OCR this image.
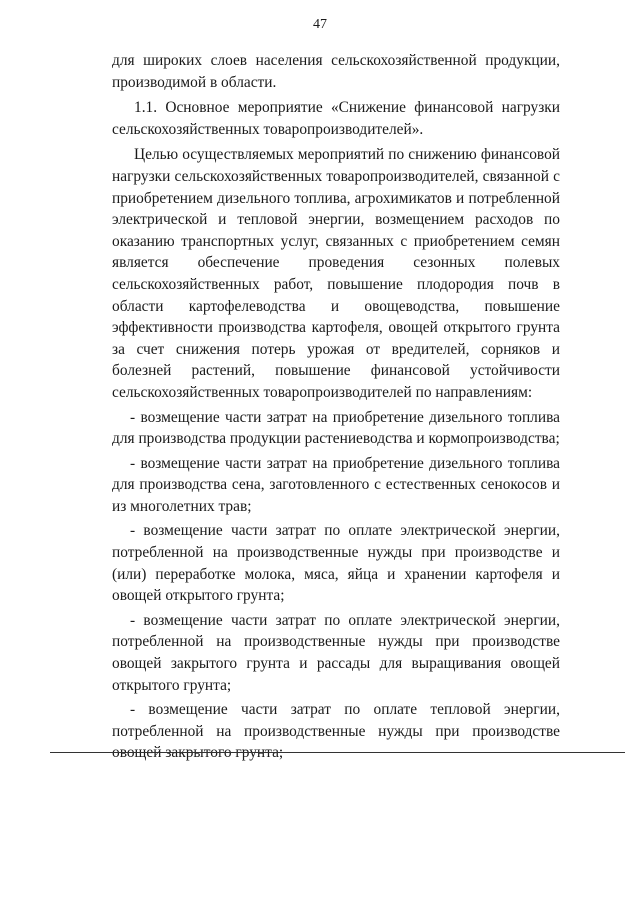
47

для широких слоев населения сельскохозяйственной продукции, производимой в области.

1.1. Основное мероприятие «Снижение финансовой нагрузки сельскохозяйственных товаропроизводителей».

Целью осуществляемых мероприятий по снижению финансовой нагрузки сельскохозяйственных товаропроизводителей, связанной с приобретением дизельного топлива, агрохимикатов и потребленной электрической и тепловой энергии, возмещением расходов по оказанию транспортных услуг, связанных с приобретением семян является обеспечение проведения сезонных полевых сельскохозяйственных работ, повышение плодородия почв в области картофелеводства и овощеводства, повышение эффективности производства картофеля, овощей открытого грунта за счет снижения потерь урожая от вредителей, сорняков и болезней растений, повышение финансовой устойчивости сельскохозяйственных товаропроизводителей по направлениям:

- возмещение части затрат на приобретение дизельного топлива для производства продукции растениеводства и кормопроизводства;

- возмещение части затрат на приобретение дизельного топлива для производства сена, заготовленного с естественных сенокосов и из многолетних трав;

- возмещение части затрат по оплате электрической энергии, потребленной на производственные нужды при производстве и (или) переработке молока, мяса, яйца и хранении картофеля и овощей открытого грунта;

- возмещение части затрат по оплате электрической энергии, потребленной на производственные нужды при производстве овощей закрытого грунта и рассады для выращивания овощей открытого грунта;

- возмещение части затрат по оплате тепловой энергии, потребленной на производственные нужды при производстве овощей закрытого грунта;
